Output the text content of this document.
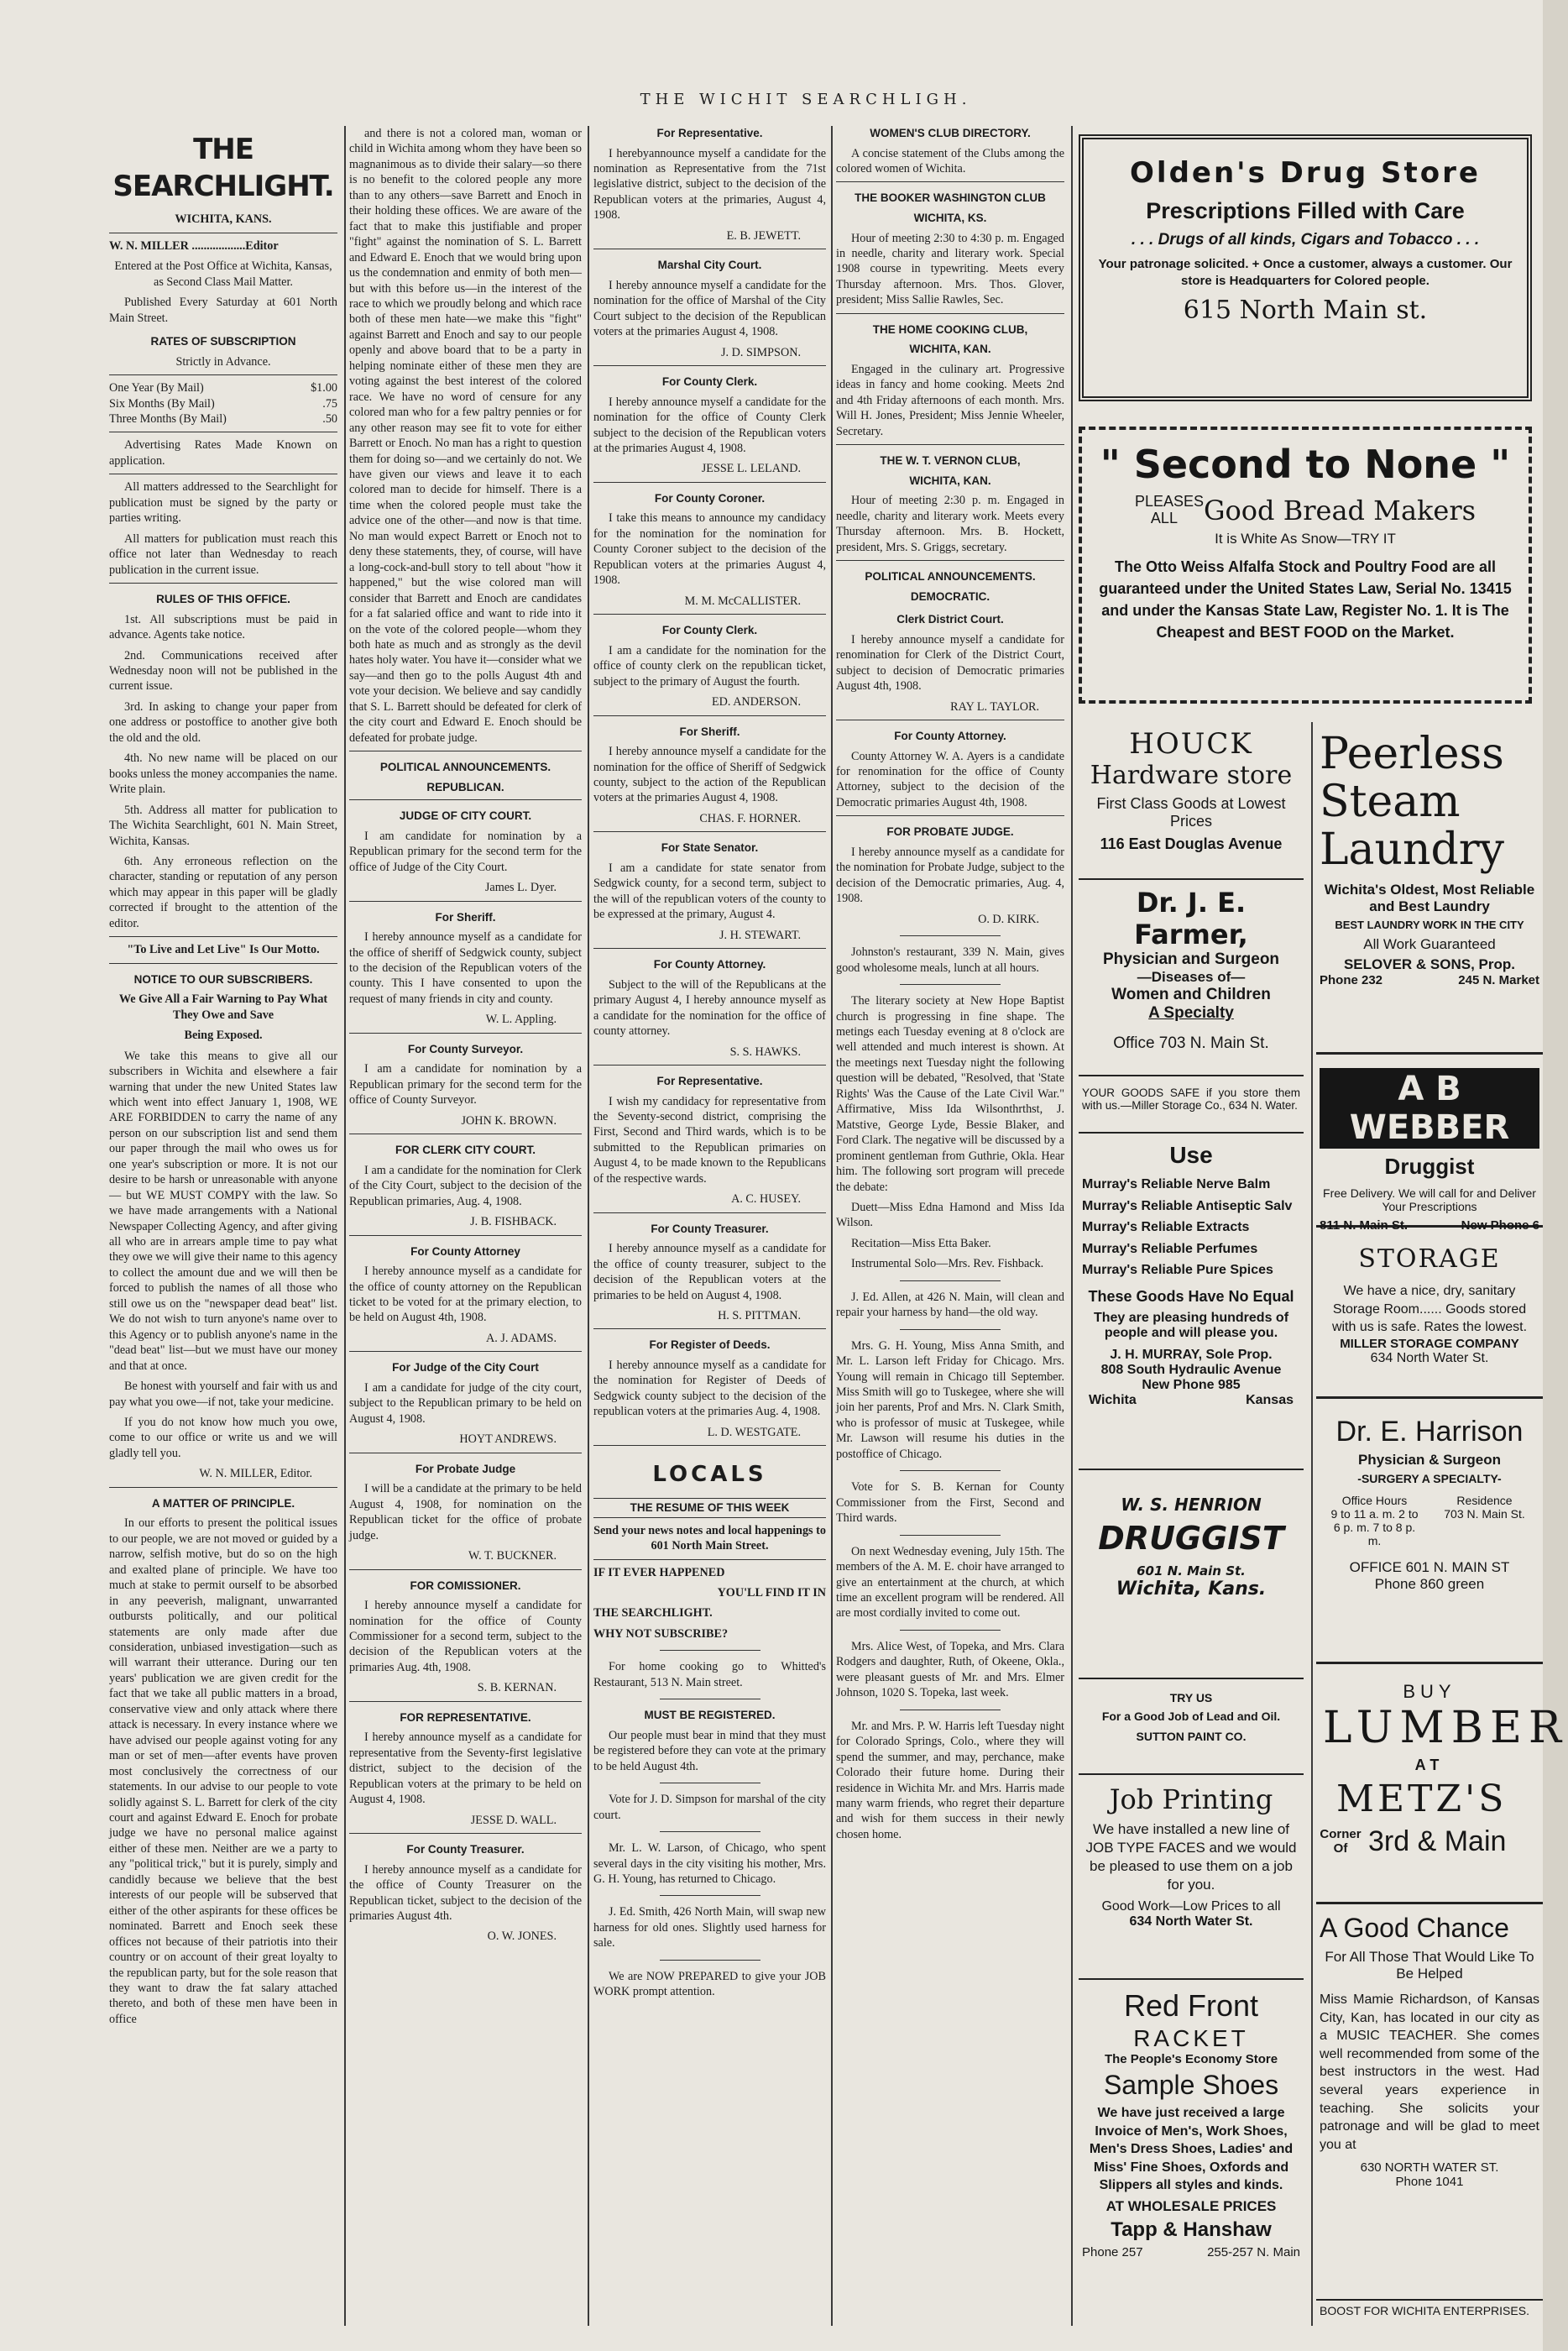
THE WICHIT SEARCHLIGH.
THE SEARCHLIGHT.

WICHITA, KANS.

W. N. MILLER ..................Editor

Entered at the Post Office at Wichita, Kansas, as Second Class Mail Matter.

Published Every Saturday at 601 North Main Street.

RATES OF SUBSCRIPTION

Strictly in Advance.

One Year (By Mail)	$1.00
Six Months (By Mail)	.75
Three Months (By Mail)	.50

Advertising Rates Made Known on application.

All matters addressed to the Searchlight for publication must be signed by the party or parties writing.

All matters for publication must reach this office not later than Wednesday to reach publication in the current issue.

RULES OF THIS OFFICE.

1st. All subscriptions must be paid in advance. Agents take notice.

2nd. Communications received after Wednesday noon will not be published in the current issue.

3rd. In asking to change your paper from one address or postoffice to another give both the old and the old.

4th. No new name will be placed on our books unless the money accompanies the name. Write plain.

5th. Address all matter for publication to The Wichita Searchlight, 601 N. Main Street, Wichita, Kansas.

6th. Any erroneous reflection on the character, standing or reputation of any person which may appear in this paper will be gladly corrected if brought to the attention of the editor.

"To Live and Let Live" Is Our Motto.

NOTICE TO OUR SUBSCRIBERS.

We Give All a Fair Warning to Pay What They Owe and Save

Being Exposed.

We take this means to give all our subscribers in Wichita and elsewhere a fair warning that under the new United States law which went into effect January 1, 1908, WE ARE FORBIDDEN to carry the name of any person on our subscription list and send them our paper through the mail who owes us for one year's subscription or more. It is not our desire to be harsh or unreasonable with anyone— but WE MUST COMPY with the law. So we have made arrangements with a National Newspaper Collecting Agency, and after giving all who are in arrears ample time to pay what they owe we will give their name to this agency to collect the amount due and we will then be forced to publish the names of all those who still owe us on the "newspaper dead beat" list. We do not wish to turn anyone's name over to this Agency or to publish anyone's name in the "dead beat" list—but we must have our money and that at once.

Be honest with yourself and fair with us and pay what you owe—if not, take your medicine.

If you do not know how much you owe, come to our office or write us and we will gladly tell you.

W. N. MILLER, Editor.

A MATTER OF PRINCIPLE.

In our efforts to present the political issues to our people, we are not moved or guided by a narrow, selfish motive, but do so on the high and exalted plane of principle. We have too much at stake to permit ourself to be absorbed in any peeverish, malignant, unwarranted outbursts politically, and our political statements are only made after due consideration, unbiased investigation—such as will warrant their utterance. During our ten years' publication we are given credit for the fact that we take all public matters in a broad, conservative view and only attack where there attack is necessary. In every instance where we have advised our people against voting for any man or set of men—after events have proven most conclusively the correctness of our statements. In our advise to our people to vote solidly against S. L. Barrett for clerk of the city court and against Edward E. Enoch for probate judge we have no personal malice against either of these men. Neither are we a party to any "political trick," but it is purely, simply and candidly because we believe that the best interests of our people will be subserved that either of the other aspirants for these offices be nominated. Barrett and Enoch seek these offices not because of their patriotis into their country or on account of their great loyalty to the republican party, but for the sole reason that they want to draw the fat salary attached thereto, and both of these men have been in office

and there is not a colored man, woman or child in Wichita among whom they have been so magnanimous as to divide their salary—so there is no benefit to the colored people any more than to any others—save Barrett and Enoch in their holding these offices. We are aware of the fact that to make this justifiable and proper "fight" against the nomination of S. L. Barrett and Edward E. Enoch that we would bring upon us the condemnation and enmity of both men—but with this before us—in the interest of the race to which we proudly belong and which race both of these men hate—we make this "fight" against Barrett and Enoch and say to our people openly and above board that to be a party in helping nominate either of these men they are voting against the best interest of the colored race. We have no word of censure for any colored man who for a few paltry pennies or for any other reason may see fit to vote for either Barrett or Enoch. No man has a right to question them for doing so—and we certainly do not. We have given our views and leave it to each colored man to decide for himself. There is a time when the colored people must take the advice one of the other—and now is that time. No man would expect Barrett or Enoch not to deny these statements, they, of course, will have a long-cock-and-bull story to tell about "how it happened," but the wise colored man will consider that Barrett and Enoch are candidates for a fat salaried office and want to ride into it on the vote of the colored people—whom they both hate as much and as strongly as the devil hates holy water. You have it—consider what we say—and then go to the polls August 4th and vote your decision. We believe and say candidly that S. L. Barrett should be defeated for clerk of the city court and Edward E. Enoch should be defeated for probate judge.

POLITICAL ANNOUNCEMENTS.
REPUBLICAN.
JUDGE OF CITY COURT.

I am candidate for nomination by a Republican primary for the second term for the office of Judge of the City Court.

James L. Dyer.

For Sheriff.

I hereby announce myself as a candidate for the office of sheriff of Sedgwick county, subject to the decision of the Republican voters of the county. This I have consented to upon the request of many friends in city and county.

W. L. Appling.

For County Surveyor.

I am a candidate for nomination by a Republican primary for the second term for the office of County Surveyor.

JOHN K. BROWN.

FOR CLERK CITY COURT.

I am a candidate for the nomination for Clerk of the City Court, subject to the decision of the Republican primaries, Aug. 4, 1908.

J. B. FISHBACK.

For County Attorney

I hereby announce myself as a candidate for the office of county attorney on the Republican ticket to be voted for at the primary election, to be held on August 4th, 1908.

A. J. ADAMS.

For Judge of the City Court

I am a candidate for judge of the city court, subject to the Republican primary to be held on August 4, 1908.

HOYT ANDREWS.

For Probate Judge

I will be a candidate at the primary to be held August 4, 1908, for nomination on the Republican ticket for the office of probate judge.

W. T. BUCKNER.

FOR COMISSIONER.

I hereby announce myself a candidate for nomination for the office of County Commissioner for a second term, subject to the decision of the Republican voters at the primaries Aug. 4th, 1908.

S. B. KERNAN.

FOR REPRESENTATIVE.

I hereby announce myself as a candidate for representative from the Seventy-first legislative district, subject to the decision of the Republican voters at the primary to be held on August 4, 1908.

JESSE D. WALL.

For County Treasurer.

I hereby announce myself as a candidate for the office of County Treasurer on the Republican ticket, subject to the decision of the primaries August 4th.

O. W. JONES.

For Representative.

I herebyannounce myself a candidate for the nomination as Representative from the 71st legislative district, subject to the decision of the Republican voters at the primaries, August 4, 1908.

E. B. JEWETT.

Marshal City Court.

I hereby announce myself a candidate for the nomination for the office of Marshal of the City Court subject to the decision of the Republican voters at the primaries August 4, 1908.

J. D. SIMPSON.

For County Clerk.

I hereby announce myself a candidate for the nomination for the office of County Clerk subject to the decision of the Republican voters at the primaries August 4, 1908.

JESSE L. LELAND.

For County Coroner.

I take this means to announce my candidacy for the nomination for the nomination for County Coroner subject to the decision of the Republican voters at the primaries August 4, 1908.

M. M. McCALLISTER.

For County Clerk.

I am a candidate for the nomination for the office of county clerk on the republican ticket, subject to the primary of August the fourth.

ED. ANDERSON.

For Sheriff.

I hereby announce myself a candidate for the nomination for the office of Sheriff of Sedgwick county, subject to the action of the Republican voters at the primaries August 4, 1908.

CHAS. F. HORNER.

For State Senator.

I am a candidate for state senator from Sedgwick county, for a second term, subject to the will of the republican voters of the county to be expressed at the primary, August 4.

J. H. STEWART.

For County Attorney.

Subject to the will of the Republicans at the primary August 4, I hereby announce myself as a candidate for the nomination for the office of county attorney.

S. S. HAWKS.

For Representative.

I wish my candidacy for representative from the Seventy-second district, comprising the First, Second and Third wards, which is to be submitted to the Republican primaries on August 4, to be made known to the Republicans of the respective wards.

A. C. HUSEY.

For County Treasurer.

I hereby announce myself as a candidate for the office of county treasurer, subject to the decision of the Republican voters at the primaries to be held on August 4, 1908.

H. S. PITTMAN.

For Register of Deeds.

I hereby announce myself as a candidate for the nomination for Register of Deeds of Sedgwick county subject to the decision of the republican voters at the primaries Aug. 4, 1908.

L. D. WESTGATE.

LOCALS
THE RESUME OF THIS WEEK

Send your news notes and local happenings to 601 North Main Street.

IF IT EVER HAPPENED

YOU'LL FIND IT IN

THE SEARCHLIGHT.

WHY NOT SUBSCRIBE?

For home cooking go to Whitted's Restaurant, 513 N. Main street.

MUST BE REGISTERED.

Our people must bear in mind that they must be registered before they can vote at the primary to be held August 4th.

Vote for J. D. Simpson for marshal of the city court.

Mr. L. W. Larson, of Chicago, who spent several days in the city visiting his mother, Mrs. G. H. Young, has returned to Chicago.

J. Ed. Smith, 426 North Main, will swap new harness for old ones. Slightly used harness for sale.

We are NOW PREPARED to give your JOB WORK prompt attention.

WOMEN'S CLUB DIRECTORY.

A concise statement of the Clubs among the colored women of Wichita.

THE BOOKER WASHINGTON CLUB
WICHITA, KS.

Hour of meeting 2:30 to 4:30 p. m. Engaged in needle, charity and literary work. Special 1908 course in typewriting. Meets every Thursday afternoon. Mrs. Thos. Glover, president; Miss Sallie Rawles, Sec.

THE HOME COOKING CLUB,
WICHITA, KAN.

Engaged in the culinary art. Progressive ideas in fancy and home cooking. Meets 2nd and 4th Friday afternoons of each month. Mrs. Will H. Jones, President; Miss Jennie Wheeler, Secretary.

THE W. T. VERNON CLUB,
WICHITA, KAN.

Hour of meeting 2:30 p. m. Engaged in needle, charity and literary work. Meets every Thursday afternoon. Mrs. B. Hockett, president, Mrs. S. Griggs, secretary.

POLITICAL ANNOUNCEMENTS.
DEMOCRATIC.
Clerk District Court.

I hereby announce myself a candidate for renomination for Clerk of the District Court, subject to decision of Democratic primaries August 4th, 1908.

RAY L. TAYLOR.

For County Attorney.

County Attorney W. A. Ayers is a candidate for renomination for the office of County Attorney, subject to the decision of the Democratic primaries August 4th, 1908.

FOR PROBATE JUDGE.

I hereby announce myself as a candidate for the nomination for Probate Judge, subject to the decision of the Democratic primaries, Aug. 4, 1908.

O. D. KIRK.

Johnston's restaurant, 339 N. Main, gives good wholesome meals, lunch at all hours.

The literary society at New Hope Baptist church is progressing in fine shape. The metings each Tuesday evening at 8 o'clock are well attended and much interest is shown. At the meetings next Tuesday night the following question will be debated, "Resolved, that 'State Rights' Was the Cause of the Late Civil War." Affirmative, Miss Ida Wilsonthrthst, J. Matstive, George Lyde, Bessie Blaker, and Ford Clark. The negative will be discussed by a prominent gentleman from Guthrie, Okla. Hear him. The following sort program will precede the debate:

Duett—Miss Edna Hamond and Miss Ida Wilson.

Recitation—Miss Etta Baker.

Instrumental Solo—Mrs. Rev. Fishback.

J. Ed. Allen, at 426 N. Main, will clean and repair your harness by hand—the old way.

Mrs. G. H. Young, Miss Anna Smith, and Mr. L. Larson left Friday for Chicago. Mrs. Young will remain in Chicago till September. Miss Smith will go to Tuskegee, where she will join her parents, Prof and Mrs. N. Clark Smith, who is professor of music at Tuskegee, while Mr. Lawson will resume his duties in the postoffice of Chicago.

Vote for S. B. Kernan for County Commissioner from the First, Second and Third wards.

On next Wednesday evening, July 15th. The members of the A. M. E. choir have arranged to give an entertainment at the church, at which time an excellent program will be rendered. All are most cordially invited to come out.

Mrs. Alice West, of Topeka, and Mrs. Clara Rodgers and daughter, Ruth, of Okeene, Okla., were pleasant guests of Mr. and Mrs. Elmer Johnson, 1020 S. Topeka, last week.

Mr. and Mrs. P. W. Harris left Tuesday night for Colorado Springs, Colo., where they will spend the summer, and may, perchance, make Colorado their future home. During their residence in Wichita Mr. and Mrs. Harris made many warm friends, who regret their departure and wish for them success in their newly chosen home.

Olden's Drug Store
Prescriptions Filled with Care
. . . Drugs of all kinds, Cigars and Tobacco . . .
Your patronage solicited. + Once a customer, always a customer. Our store is Headquarters for Colored people.
615 North Main st.
" Second to None "
PLEASES ALL Good Bread Makers
It is White As Snow—TRY IT
The Otto Weiss Alfalfa Stock and Poultry Food are all guaranteed under the United States Law, Serial No. 13415 and under the Kansas State Law, Register No. 1. It is The Cheapest and BEST FOOD on the Market.
HOUCK
Hardware store
First Class Goods at Lowest Prices
116 East Douglas Avenue
Dr. J. E. Farmer,
Physician and Surgeon
—Diseases of—
Women and Children
A Specialty
Office 703 N. Main St.

YOUR GOODS SAFE if you store them with us.—Miller Storage Co., 634 N. Water.

Use
Murray's Reliable Nerve Balm
Murray's Reliable Antiseptic Salv
Murray's Reliable Extracts
Murray's Reliable Perfumes
Murray's Reliable Pure Spices
These Goods Have No Equal
They are pleasing hundreds of people and will please you.
J. H. MURRAY, Sole Prop.
808 South Hydraulic Avenue
New Phone 985
Wichita	Kansas
W. S. HENRION
DRUGGIST
601 N. Main St.
Wichita, Kans.
TRY US
For a Good Job of Lead and Oil.
SUTTON PAINT CO.
Job Printing
We have installed a new line of JOB TYPE FACES and we would be pleased to use them on a job for you.
Good Work—Low Prices to all
634 North Water St.
Red Front
RACKET
The People's Economy Store
Sample Shoes
We have just received a large Invoice of Men's, Work Shoes, Men's Dress Shoes, Ladies' and Miss' Fine Shoes, Oxfords and Slippers all styles and kinds.
AT WHOLESALE PRICES
Tapp & Hanshaw
Phone 257	255-257 N. Main
Peerless
Steam
Laundry
Wichita's Oldest, Most Reliable and Best Laundry
BEST LAUNDRY WORK IN THE CITY
All Work Guaranteed
SELOVER & SONS, Prop.
Phone 232	245 N. Market
A B WEBBER
Druggist
Free Delivery. We will call for and Deliver Your Prescriptions
811 N. Main St.	New Phone 6
STORAGE
We have a nice, dry, sanitary Storage Room...... Goods stored with us is safe. Rates the lowest.
MILLER STORAGE COMPANY
634 North Water St.
Dr. E. Harrison
Physician & Surgeon
-SURGERY A SPECIALTY-
Office Hours
9 to 11 a. m. 2 to 6 p. m. 7 to 8 p. m.
Residence
703 N. Main St.
OFFICE 601 N. MAIN ST
Phone 860 green
BUY
LUMBER
AT
METZ'S
Corner Of 3rd & Main
A Good Chance
For All Those That Would Like To Be Helped
Miss Mamie Richardson, of Kansas City, Kan, has located in our city as a MUSIC TEACHER. She comes well recommended from some of the best instructors in the west. Had several years experience in teaching. She solicits your patronage and will be glad to meet you at
630 NORTH WATER ST.
Phone 1041
BOOST FOR WICHITA ENTERPRISES.
